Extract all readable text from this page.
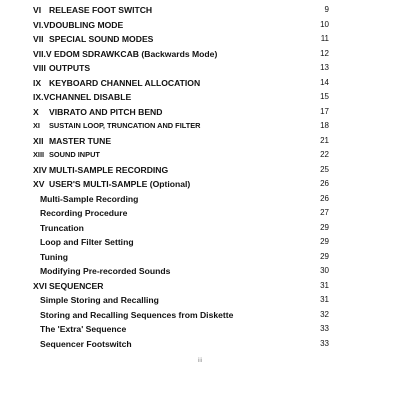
VI RELEASE FOOT SWITCH	9
VI.VDOUBLING MODE	10
VII SPECIAL SOUND MODES	11
VII.V EDOM SDRAWKCAB (Backwards Mode)	12
VIII OUTPUTS	13
IX KEYBOARD CHANNEL ALLOCATION	14
IX.VCHANNEL DISABLE	15
X VIBRATO AND PITCH BEND	17
XI SUSTAIN LOOP, TRUNCATION AND FILTER	18
XII MASTER TUNE	21
XIII SOUND INPUT	22
XIV MULTI-SAMPLE RECORDING	25
XV USER'S MULTI-SAMPLE (Optional)	26
Multi-Sample Recording	26
Recording Procedure	27
Truncation	29
Loop and Filter Setting	29
Tuning	29
Modifying Pre-recorded Sounds	30
XVI SEQUENCER	31
Simple Storing and Recalling	31
Storing and Recalling Sequences from Diskette	32
The 'Extra' Sequence	33
Sequencer Footswitch	33
iii
